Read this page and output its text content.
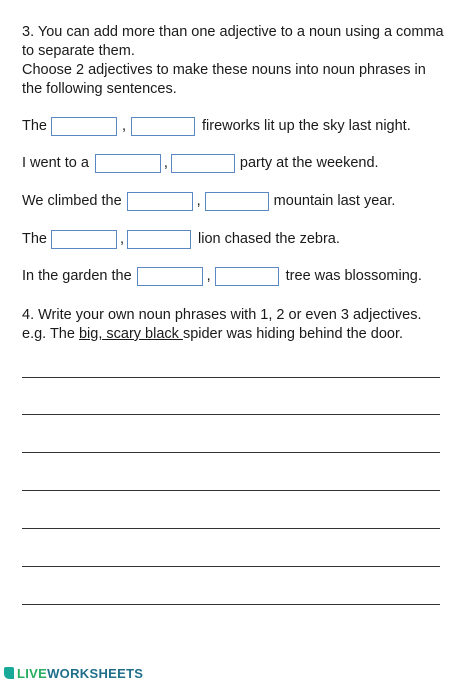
3. You can add more than one adjective to a noun using a comma
to separate them.
Choose 2 adjectives to make these nouns into noun phrases in
the following sentences.
The	,	fireworks lit up the sky last night.
I went to a	,	party at the weekend.
We climbed the	,	mountain last year.
The	,	lion chased the zebra.
In the garden the	,	tree was blossoming.
4. Write your own noun phrases with 1, 2 or even 3 adjectives.
e.g. The big, scary black spider was hiding behind the door.
LIVEWORKSHEETS
